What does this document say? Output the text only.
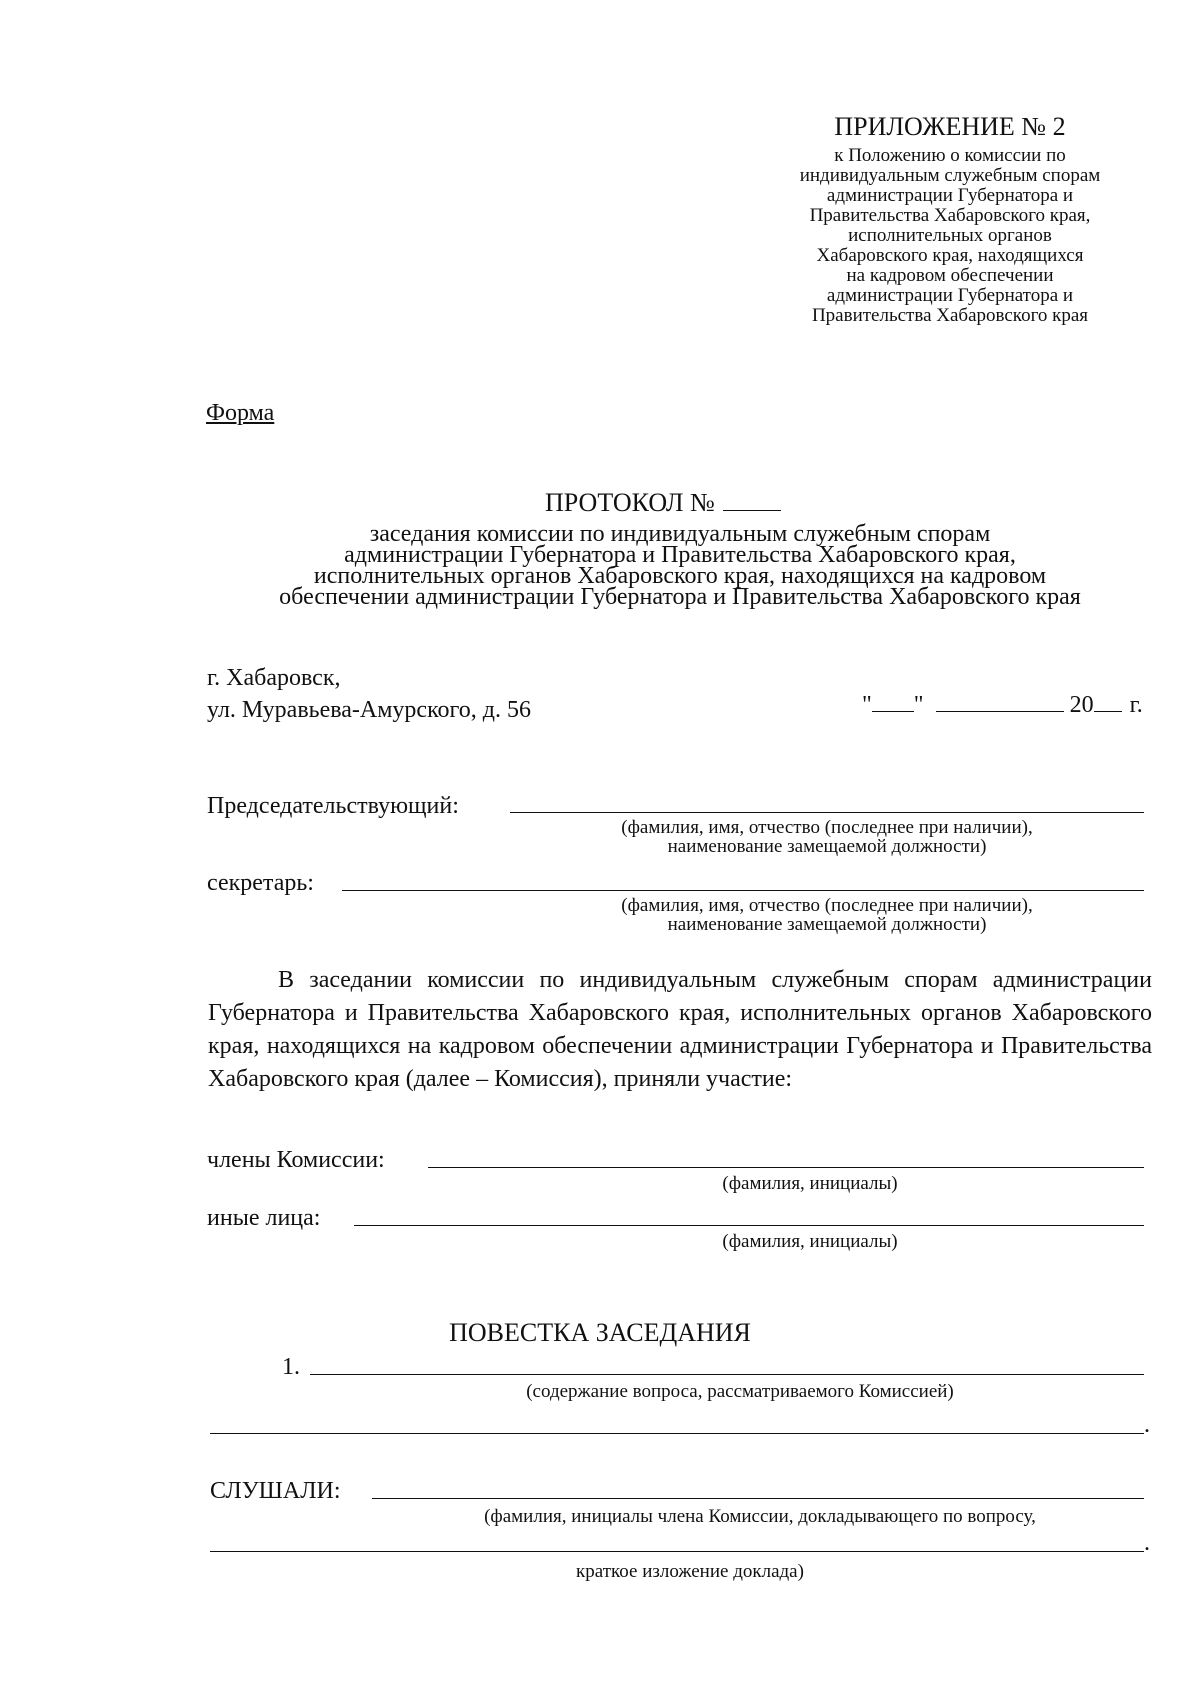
ПРИЛОЖЕНИЕ № 2
к Положению о комиссии по
индивидуальным служебным спорам
администрации Губернатора и
Правительства Хабаровского края,
исполнительных органов
Хабаровского края, находящихся
на кадровом обеспечении
администрации Губернатора и
Правительства Хабаровского края
Форма
ПРОТОКОЛ №
заседания комиссии по индивидуальным служебным спорам
администрации Губернатора и Правительства Хабаровского края,
исполнительных органов Хабаровского края, находящихся на кадровом
обеспечении администрации Губернатора и Правительства Хабаровского края
г. Хабаровск,
ул. Муравьева-Амурского, д. 56	" "	20 г.
Председательствующий:
(фамилия, имя, отчество (последнее при наличии),
наименование замещаемой должности)
секретарь:
(фамилия, имя, отчество (последнее при наличии),
наименование замещаемой должности)
В заседании комиссии по индивидуальным служебным спорам администрации Губернатора и Правительства Хабаровского края, исполнительных органов Хабаровского края, находящихся на кадровом обеспечении администрации Губернатора и Правительства Хабаровского края (далее – Комиссия), приняли участие:
члены Комиссии:
(фамилия, инициалы)
иные лица:
(фамилия, инициалы)
ПОВЕСТКА ЗАСЕДАНИЯ
1.
(содержание вопроса, рассматриваемого Комиссией)
.
СЛУШАЛИ:
(фамилия, инициалы члена Комиссии, докладывающего по вопросу,
.
краткое изложение доклада)
